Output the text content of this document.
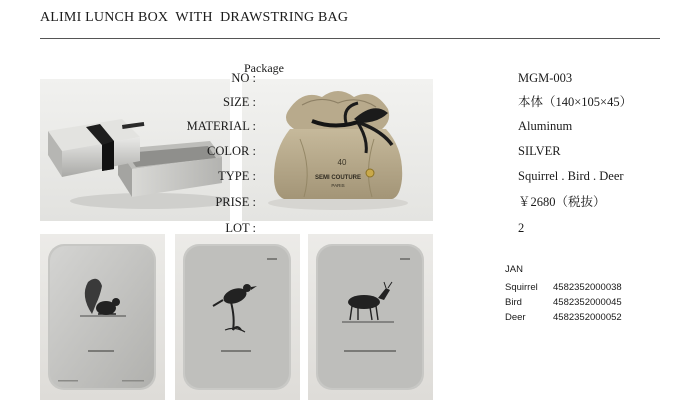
ALIMI LUNCH BOX  WITH  DRAWSTRING BAG
Package
40
SEMI COUTURE
PARIS
NO :	MGM-003
SIZE :	本体（140×105×45）
MATERIAL :	Aluminum
COLOR :	SILVER
TYPE :	Squirrel . Bird . Deer
PRISE :	￥2680（税抜）
LOT :	2
JAN
Squirrel 4582352000038
Bird	4582352000045
Deer	4582352000052
